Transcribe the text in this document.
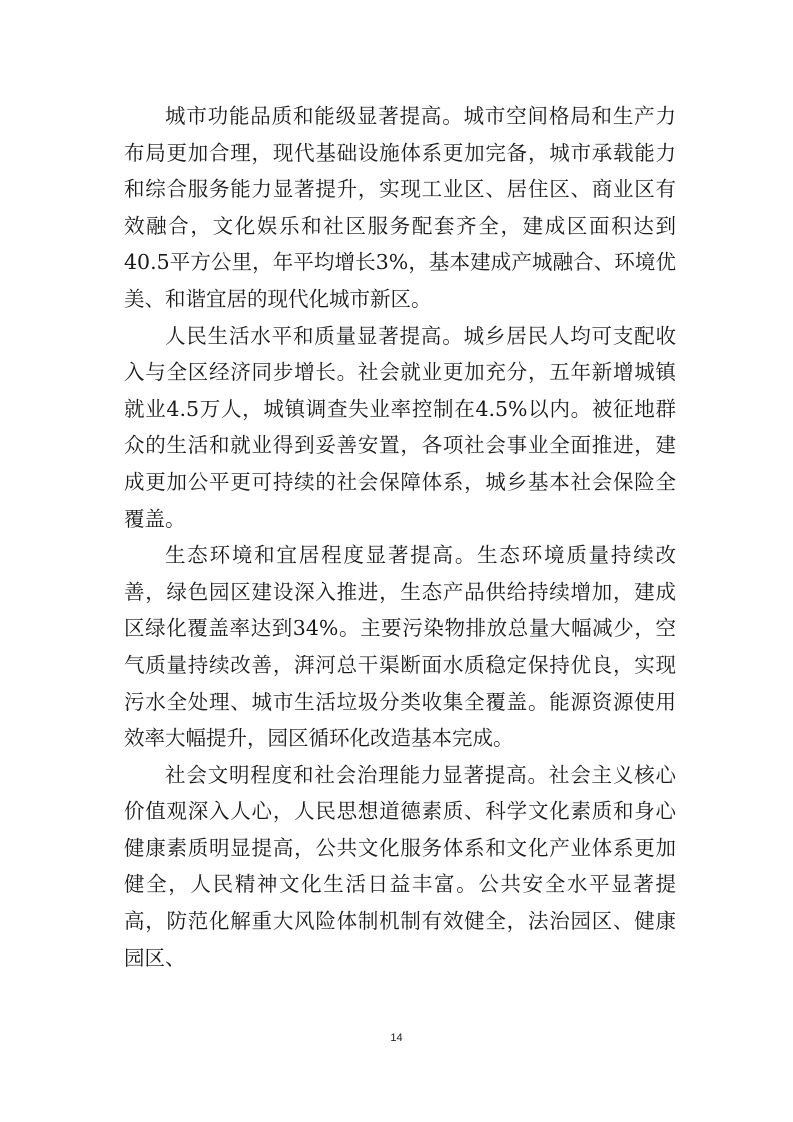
城市功能品质和能级显著提高。城市空间格局和生产力布局更加合理，现代基础设施体系更加完备，城市承载能力和综合服务能力显著提升，实现工业区、居住区、商业区有效融合，文化娱乐和社区服务配套齐全，建成区面积达到40.5平方公里，年平均增长3%，基本建成产城融合、环境优美、和谐宜居的现代化城市新区。

人民生活水平和质量显著提高。城乡居民人均可支配收入与全区经济同步增长。社会就业更加充分，五年新增城镇就业4.5万人，城镇调查失业率控制在4.5%以内。被征地群众的生活和就业得到妥善安置，各项社会事业全面推进，建成更加公平更可持续的社会保障体系，城乡基本社会保险全覆盖。

生态环境和宜居程度显著提高。生态环境质量持续改善，绿色园区建设深入推进，生态产品供给持续增加，建成区绿化覆盖率达到34%。主要污染物排放总量大幅减少，空气质量持续改善，湃河总干渠断面水质稳定保持优良，实现污水全处理、城市生活垃圾分类收集全覆盖。能源资源使用效率大幅提升，园区循环化改造基本完成。

社会文明程度和社会治理能力显著提高。社会主义核心价值观深入人心，人民思想道德素质、科学文化素质和身心健康素质明显提高，公共文化服务体系和文化产业体系更加健全，人民精神文化生活日益丰富。公共安全水平显著提高，防范化解重大风险体制机制有效健全，法治园区、健康园区、

14
